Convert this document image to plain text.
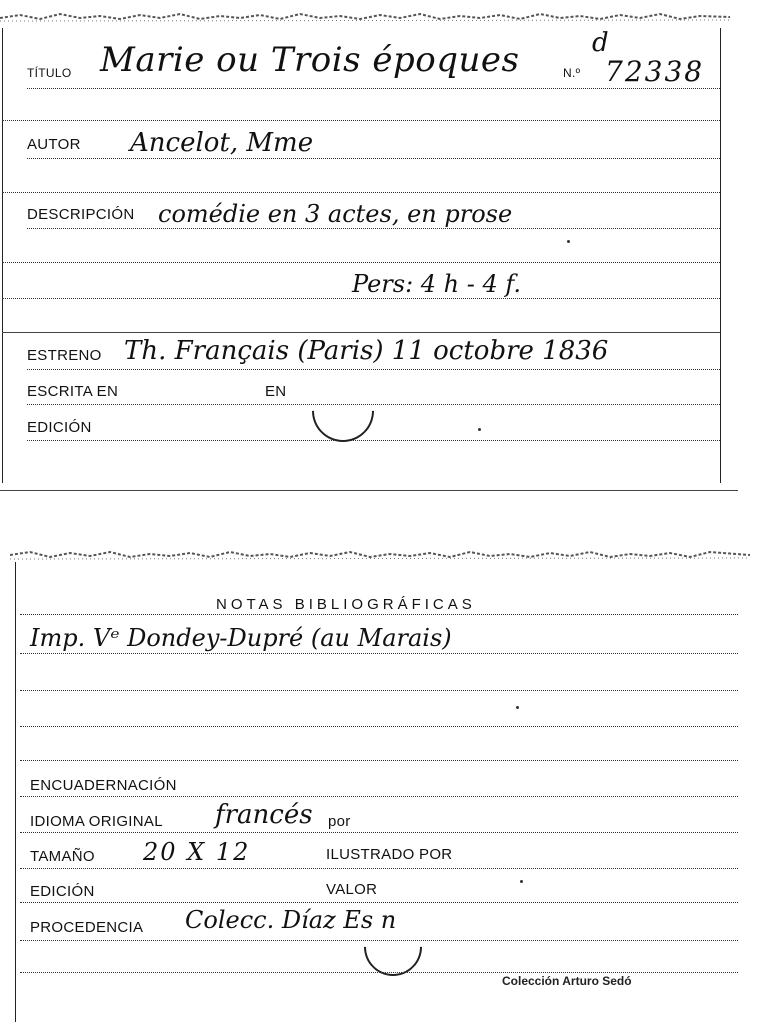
TÍTULO Marie ou Trois époques	N.º
d
72338
AUTOR Ancelot, Mme
DESCRIPCIÓN comédie en 3 actes, en prose
Pers: 4 h - 4 f.
ESTRENO Th. Français (Paris) 11 octobre 1836
ESCRITA EN	EN
EDICIÓN
NOTAS BIBLIOGRÁFICAS
Imp. Vᵉ Dondey-Dupré (au Marais)
ENCUADERNACIÓN
IDIOMA ORIGINAL francés por
TAMAÑO 20 X 12	ILUSTRADO POR
EDICIÓN	VALOR
PROCEDENCIA Colecc. Díaz Es n
Colección Arturo Sedó
